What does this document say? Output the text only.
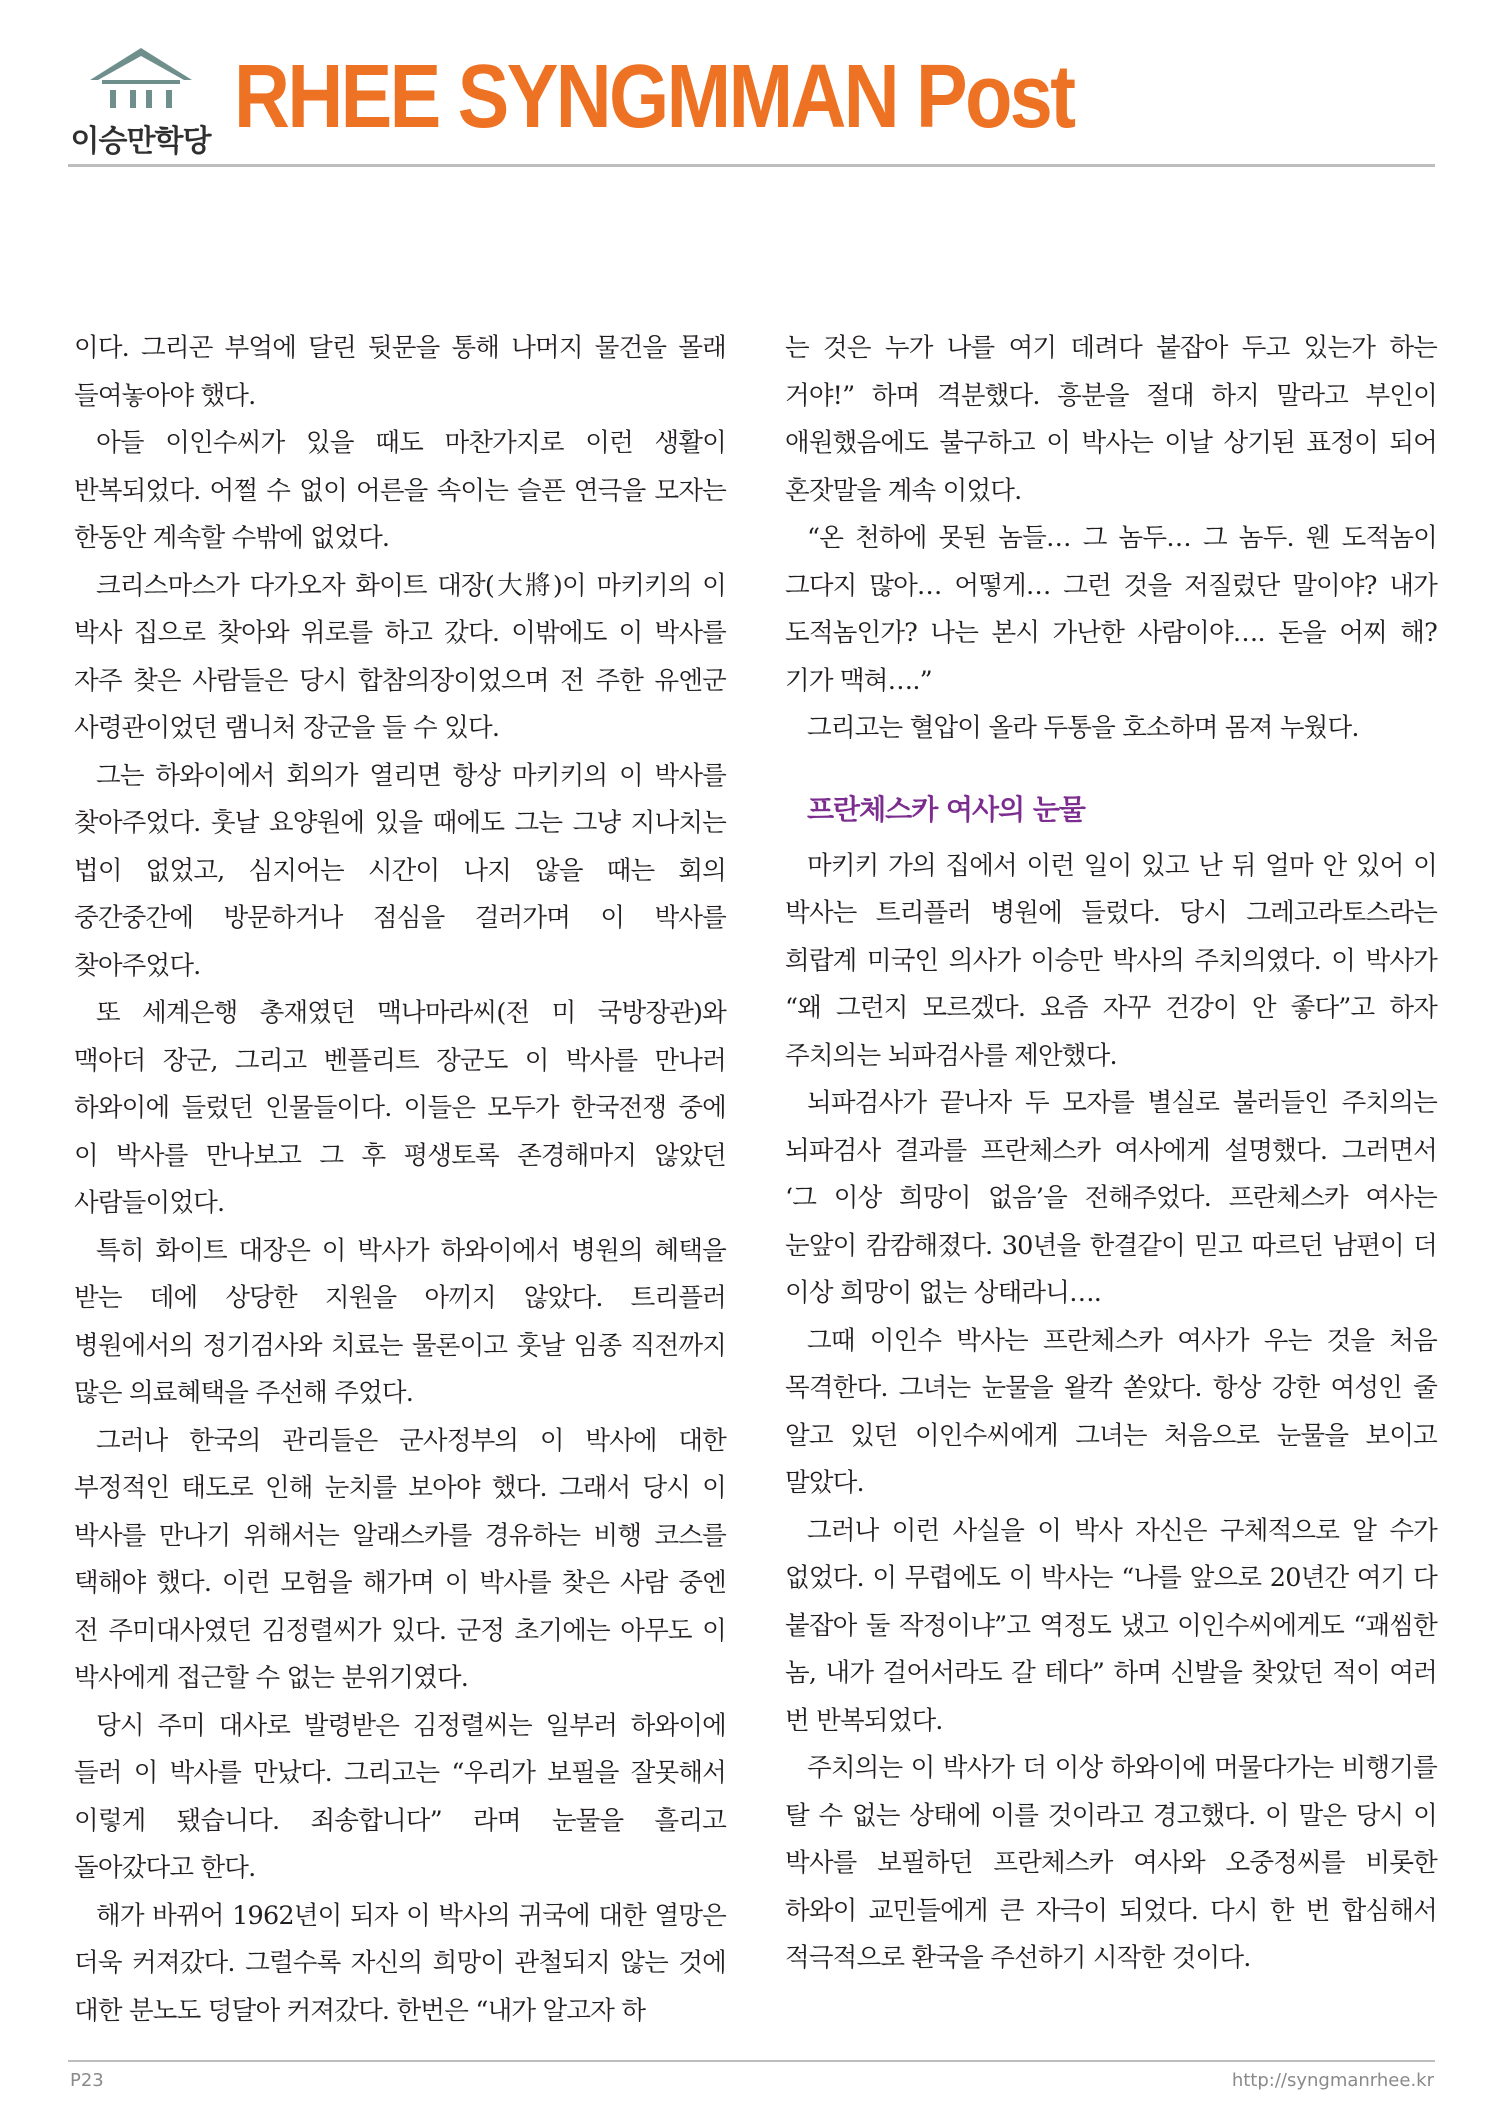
이승만학당 RHEE SYNGMMAN Post

이다. 그리곤 부엌에 달린 뒷문을 통해 나머지 물건을 몰래 들여놓아야 했다.

아들 이인수씨가 있을 때도 마찬가지로 이런 생활이 반복되었다. 어쩔 수 없이 어른을 속이는 슬픈 연극을 모자는 한동안 계속할 수밖에 없었다.

크리스마스가 다가오자 화이트 대장(大將)이 마키키의 이 박사 집으로 찾아와 위로를 하고 갔다. 이밖에도 이 박사를 자주 찾은 사람들은 당시 합참의장이었으며 전 주한 유엔군 사령관이었던 램니처 장군을 들 수 있다.

그는 하와이에서 회의가 열리면 항상 마키키의 이 박사를 찾아주었다. 훗날 요양원에 있을 때에도 그는 그냥 지나치는 법이 없었고, 심지어는 시간이 나지 않을 때는 회의 중간중간에 방문하거나 점심을 걸러가며 이 박사를 찾아주었다.

또 세계은행 총재였던 맥나마라씨(전 미 국방장관)와 맥아더 장군, 그리고 벤플리트 장군도 이 박사를 만나러 하와이에 들렀던 인물들이다. 이들은 모두가 한국전쟁 중에 이 박사를 만나보고 그 후 평생토록 존경해마지 않았던 사람들이었다.

특히 화이트 대장은 이 박사가 하와이에서 병원의 혜택을 받는 데에 상당한 지원을 아끼지 않았다. 트리플러 병원에서의 정기검사와 치료는 물론이고 훗날 임종 직전까지 많은 의료혜택을 주선해 주었다.

그러나 한국의 관리들은 군사정부의 이 박사에 대한 부정적인 태도로 인해 눈치를 보아야 했다. 그래서 당시 이 박사를 만나기 위해서는 알래스카를 경유하는 비행 코스를 택해야 했다. 이런 모험을 해가며 이 박사를 찾은 사람 중엔 전 주미대사였던 김정렬씨가 있다. 군정 초기에는 아무도 이 박사에게 접근할 수 없는 분위기였다.

당시 주미 대사로 발령받은 김정렬씨는 일부러 하와이에 들러 이 박사를 만났다. 그리고는 “우리가 보필을 잘못해서 이렇게 됐습니다. 죄송합니다” 라며 눈물을 흘리고 돌아갔다고 한다.

해가 바뀌어 1962년이 되자 이 박사의 귀국에 대한 열망은 더욱 커져갔다. 그럴수록 자신의 희망이 관철되지 않는 것에 대한 분노도 덩달아 커져갔다. 한번은 “내가 알고자 하

는 것은 누가 나를 여기 데려다 붙잡아 두고 있는가 하는 거야!” 하며 격분했다. 흥분을 절대 하지 말라고 부인이 애원했음에도 불구하고 이 박사는 이날 상기된 표정이 되어 혼잣말을 계속 이었다.

“온 천하에 못된 놈들… 그 놈두… 그 놈두. 웬 도적놈이 그다지 많아… 어떻게… 그런 것을 저질렀단 말이야? 내가 도적놈인가? 나는 본시 가난한 사람이야…. 돈을 어찌 해? 기가 맥혀….”

그리고는 혈압이 올라 두통을 호소하며 몸져 누웠다.

프란체스카 여사의 눈물

마키키 가의 집에서 이런 일이 있고 난 뒤 얼마 안 있어 이 박사는 트리플러 병원에 들렀다. 당시 그레고라토스라는 희랍계 미국인 의사가 이승만 박사의 주치의였다. 이 박사가 “왜 그런지 모르겠다. 요즘 자꾸 건강이 안 좋다”고 하자 주치의는 뇌파검사를 제안했다.

뇌파검사가 끝나자 두 모자를 별실로 불러들인 주치의는 뇌파검사 결과를 프란체스카 여사에게 설명했다. 그러면서 ‘그 이상 희망이 없음’을 전해주었다. 프란체스카 여사는 눈앞이 캄캄해졌다. 30년을 한결같이 믿고 따르던 남편이 더 이상 희망이 없는 상태라니….

그때 이인수 박사는 프란체스카 여사가 우는 것을 처음 목격한다. 그녀는 눈물을 왈칵 쏟았다. 항상 강한 여성인 줄 알고 있던 이인수씨에게 그녀는 처음으로 눈물을 보이고 말았다.

그러나 이런 사실을 이 박사 자신은 구체적으로 알 수가 없었다. 이 무렵에도 이 박사는 “나를 앞으로 20년간 여기 다 붙잡아 둘 작정이냐”고 역정도 냈고 이인수씨에게도 “괘씸한 놈, 내가 걸어서라도 갈 테다” 하며 신발을 찾았던 적이 여러 번 반복되었다.

주치의는 이 박사가 더 이상 하와이에 머물다가는 비행기를 탈 수 없는 상태에 이를 것이라고 경고했다. 이 말은 당시 이 박사를 보필하던 프란체스카 여사와 오중정씨를 비롯한 하와이 교민들에게 큰 자극이 되었다. 다시 한 번 합심해서 적극적으로 환국을 주선하기 시작한 것이다.

P23	http://syngmanrhee.kr
